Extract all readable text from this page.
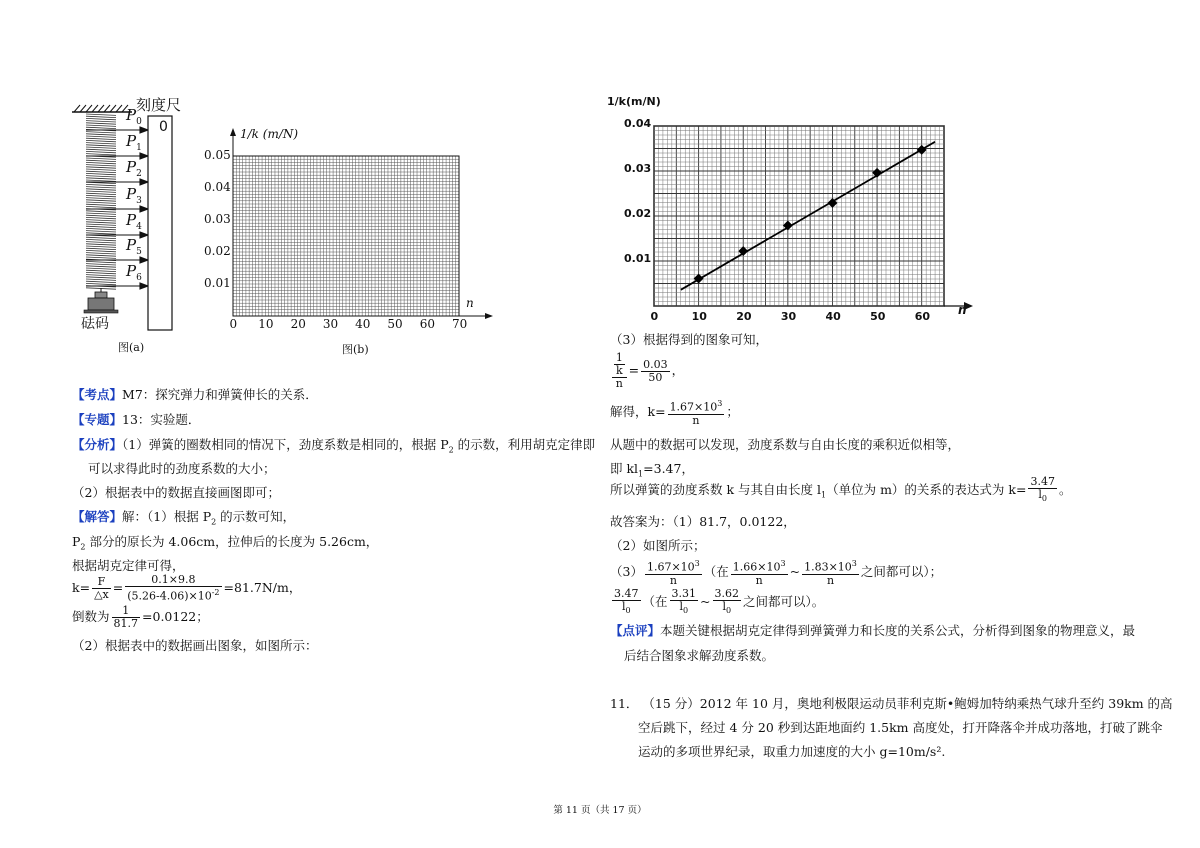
刻度尺
0
$P_0$
$P_1$
$P_2$
$P_3$
$P_4$
$P_5$
$P_6$
砝码
图(a)
1/k (m/N)
n
0.05
0.04
0.03
0.02
0.01
0 10 20 30 40 50 60 70
图(b)
【考点】M7：探究弹力和弹簧伸长的关系．
【专题】13：实验题．
【分析】（1）弹簧的圈数相同的情况下，劲度系数是相同的，根据 $P_2$ 的示数，利用胡克定律即
可以求得此时的劲度系数的大小；
（2）根据表中的数据直接画图即可；
【解答】解：（1）根据 $P_2$ 的示数可知，
$P_2$ 部分的原长为 4.06cm，拉伸后的长度为 5.26cm，
根据胡克定律可得，
$k= \frac{F}{\triangle x} = \frac{0.1\times 9.8}{(5.26-4.06)\times 10^{-2}} =81.7N/m$，
倒数为 $\frac{1}{81.7} =0.0122$；
（2）根据表中的数据画出图象，如图所示：
1/k(m/N)
n
0.04
0.03
0.02
0.01
0	10	20	30	40	50	60
（3）根据得到的图象可知，
1
k
n
= $\frac{0.03}{50}$ ，
解得，$k= \frac{1.67\times 10^3}{n}$ ；
从题中的数据可以发现，劲度系数与自由长度的乘积近似相等，
即 $kl_1=3.47$，
所以弹簧的劲度系数 k 与其自由长度 $l_1$（单位为 m）的关系的表达式为 $k= \frac{3.47}{l_0}$ 。
故答案为：（1）81.7，0.0122，
（2）如图所示；
$(3) \frac{1.67\times 10^3}{n}$ （在 $\frac{1.66\times 10^3}{n}$ ~ $\frac{1.83\times 10^3}{n}$ 之间都可以）；
$\frac{3.47}{l_0}$ （在 $\frac{3.31}{l_0}$ ~ $\frac{3.62}{l_0}$ 之间都可以）。
【点评】本题关键根据胡克定律得到弹簧弹力和长度的关系公式，分析得到图象的物理意义，最
后结合图象求解劲度系数。
11． （15 分）2012 年 10 月，奥地利极限运动员菲利克斯•鲍姆加特纳乘热气球升至约 39km 的高
空后跳下，经过 4 分 20 秒到达距地面约 1.5km 高度处，打开降落伞并成功落地，打破了跳伞
运动的多项世界纪录，取重力加速度的大小 g=10m/s².
第 11 页（共 17 页）
